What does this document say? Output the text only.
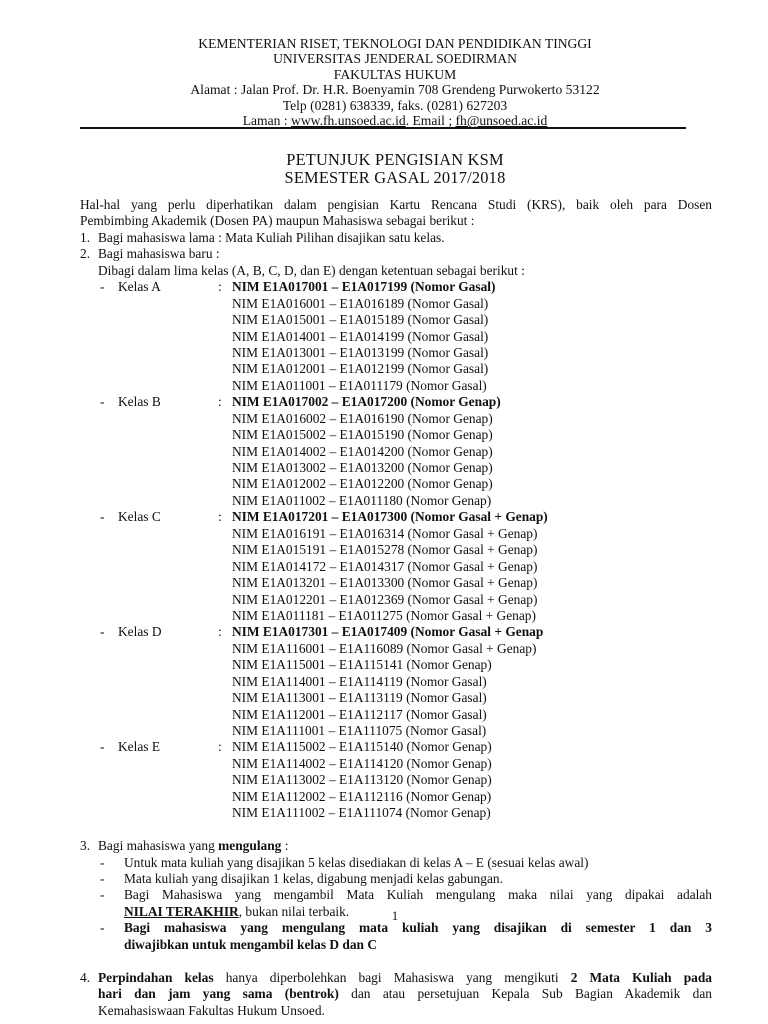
KEMENTERIAN RISET, TEKNOLOGI DAN PENDIDIKAN TINGGI
UNIVERSITAS JENDERAL SOEDIRMAN
FAKULTAS HUKUM
Alamat : Jalan Prof. Dr. H.R. Boenyamin 708 Grendeng Purwokerto 53122
Telp (0281) 638339, faks. (0281) 627203
Laman : www.fh.unsoed.ac.id. Email ; fh@unsoed.ac.id
PETUNJUK PENGISIAN KSM
SEMESTER GASAL 2017/2018
Hal-hal yang perlu diperhatikan dalam pengisian Kartu Rencana Studi (KRS), baik oleh para Dosen
Pembimbing Akademik (Dosen PA) maupun Mahasiswa sebagai berikut :
1. Bagi mahasiswa lama : Mata Kuliah Pilihan disajikan satu kelas.
2. Bagi mahasiswa baru :
Dibagi dalam lima kelas (A, B, C, D, dan E) dengan ketentuan sebagai berikut :
- Kelas A	: NIM E1A017001 – E1A017199 (Nomor Gasal)
NIM E1A016001 – E1A016189 (Nomor Gasal)
NIM E1A015001 – E1A015189 (Nomor Gasal)
NIM E1A014001 – E1A014199 (Nomor Gasal)
NIM E1A013001 – E1A013199 (Nomor Gasal)
NIM E1A012001 – E1A012199 (Nomor Gasal)
NIM E1A011001 – E1A011179 (Nomor Gasal)
- Kelas B	: NIM E1A017002 – E1A017200 (Nomor Genap)
NIM E1A016002 – E1A016190 (Nomor Genap)
NIM E1A015002 – E1A015190 (Nomor Genap)
NIM E1A014002 – E1A014200 (Nomor Genap)
NIM E1A013002 – E1A013200 (Nomor Genap)
NIM E1A012002 – E1A012200 (Nomor Genap)
NIM E1A011002 – E1A011180 (Nomor Genap)
- Kelas C	: NIM E1A017201 – E1A017300 (Nomor Gasal + Genap)
NIM E1A016191 – E1A016314 (Nomor Gasal + Genap)
NIM E1A015191 – E1A015278 (Nomor Gasal + Genap)
NIM E1A014172 – E1A014317 (Nomor Gasal + Genap)
NIM E1A013201 – E1A013300 (Nomor Gasal + Genap)
NIM E1A012201 – E1A012369 (Nomor Gasal + Genap)
NIM E1A011181 – E1A011275 (Nomor Gasal + Genap)
- Kelas D	: NIM E1A017301 – E1A017409 (Nomor Gasal + Genap
NIM E1A116001 – E1A116089 (Nomor Gasal + Genap)
NIM E1A115001 – E1A115141 (Nomor Genap)
NIM E1A114001 – E1A114119 (Nomor Gasal)
NIM E1A113001 – E1A113119 (Nomor Gasal)
NIM E1A112001 – E1A112117 (Nomor Gasal)
NIM E1A111001 – E1A111075 (Nomor Gasal)
- Kelas E	: NIM E1A115002 – E1A115140 (Nomor Genap)
NIM E1A114002 – E1A114120 (Nomor Genap)
NIM E1A113002 – E1A113120 (Nomor Genap)
NIM E1A112002 – E1A112116 (Nomor Genap)
NIM E1A111002 – E1A111074 (Nomor Genap)
3. Bagi mahasiswa yang mengulang :
- Untuk mata kuliah yang disajikan 5 kelas disediakan di kelas A – E (sesuai kelas awal)
- Mata kuliah yang disajikan 1 kelas, digabung menjadi kelas gabungan.
- Bagi Mahasiswa yang mengambil Mata Kuliah mengulang maka nilai yang dipakai adalah
NILAI TERAKHIR, bukan nilai terbaik.
- Bagi mahasiswa yang mengulang mata kuliah yang disajikan di semester 1 dan 3
diwajibkan untuk mengambil kelas D dan C
4. Perpindahan kelas hanya diperbolehkan bagi Mahasiswa yang mengikuti 2 Mata Kuliah pada
hari dan jam yang sama (bentrok) dan atau persetujuan Kepala Sub Bagian Akademik dan
Kemahasiswaan Fakultas Hukum Unsoed.
1
